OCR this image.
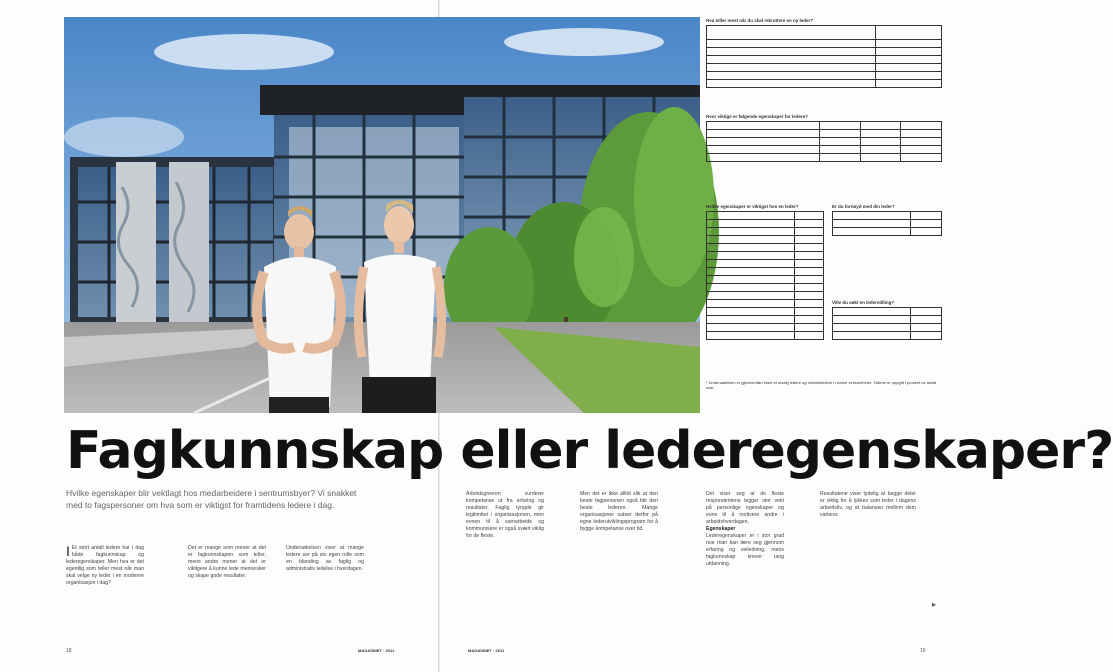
Hva teller mest når du skal rekruttere en ny leder?

Hvor viktige er følgende egenskaper for ledere?

Hvilke egenskaper er viktigst hos en leder?

		Er du fornøyd med din leder?

Ville du søkt en lederstilling?

* Undersøkelsen er gjennomført blant et utvalg ledere og medarbeidere i norske virksomheter. Tallene er oppgitt i prosent av antall svar.
Fagkunnskap eller lederegenskaper?
Hvilke egenskaper blir vektlagt hos medarbeidere i sentrumsbyer? Vi snakket med to fagspersoner om hva som er viktigst for framtidens ledere i dag.
I Et stort antall ledere har i dag både fagkunnskap og lederegenskaper. Men hva er det egentlig som teller mest når man skal velge ny leder i en moderne organisasjon i dag?
Det er mange som mener at det er fagkunnskapen som teller, mens andre mener at det er viktigere å kunne lede mennesker og skape gode resultater.
Undersøkelsen viser at mange ledere ser på sin egen rolle som en blanding av faglig og administrativ ledelse i hverdagen.
Arbeidsgiveren vurderer kompetanse ut fra erfaring og resultater. Faglig tyngde gir legitimitet i organisasjonen, men evnen til å samarbeide og kommunisere er også svært viktig for de fleste.
Men det er ikke alltid slik at den beste fagpersonen også blir den beste lederen. Mange organisasjoner satser derfor på egne lederutviklingsprogram for å bygge kompetanse over tid.
Det viser seg at de fleste respondentene legger stor vekt på personlige egenskaper og evne til å motivere andre i arbeidshverdagen.
Egenskaper
Lederegenskaper er i stor grad noe man kan lære seg gjennom erfaring og veiledning, mens fagkunnskap krever lang utdanning.
Resultatene viser tydelig at begge deler er viktig for å lykkes som leder i dagens arbeidsliv, og at balansen mellom dem varierer.
▸
MAGASINET · 2011	MAGASINET · 2011
18	19
